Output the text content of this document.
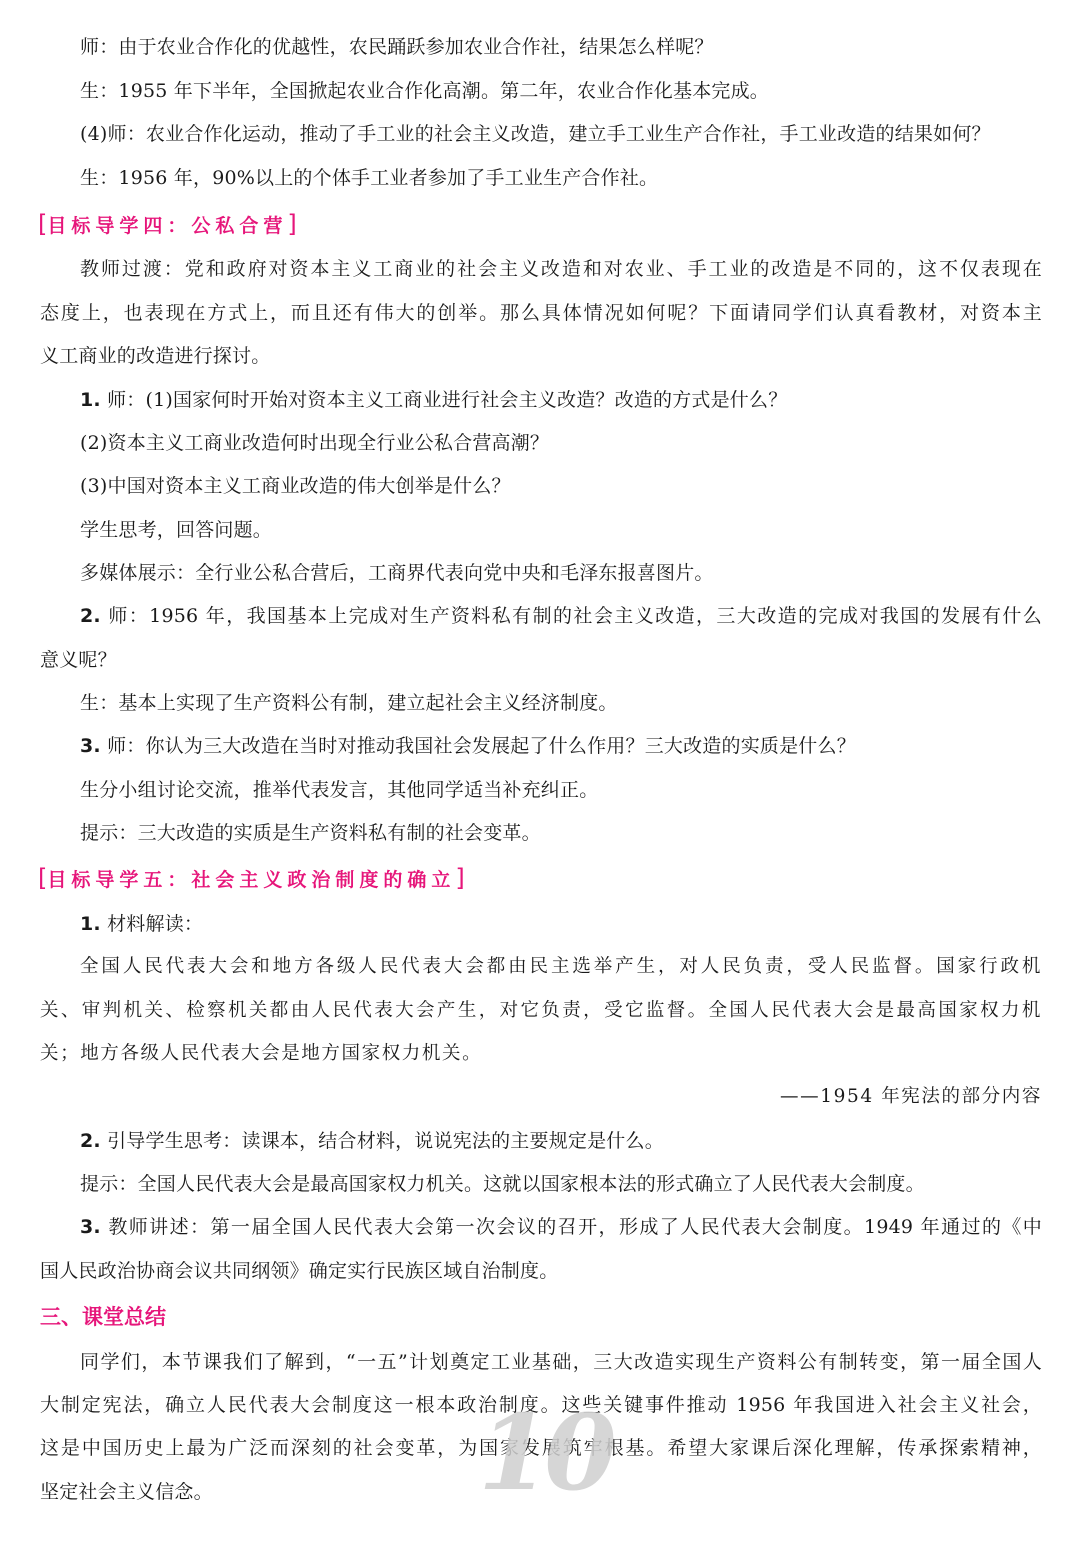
师：由于农业合作化的优越性，农民踊跃参加农业合作社，结果怎么样呢？
生：1955 年下半年，全国掀起农业合作化高潮。第二年，农业合作化基本完成。
(4)师：农业合作化运动，推动了手工业的社会主义改造，建立手工业生产合作社，手工业改造的结果如何？
生：1956 年，90%以上的个体手工业者参加了手工业生产合作社。
[目标导学四：公私合营]
教师过渡：党和政府对资本主义工商业的社会主义改造和对农业、手工业的改造是不同的，这不仅表现在
态度上，也表现在方式上，而且还有伟大的创举。那么具体情况如何呢？下面请同学们认真看教材，对资本主
义工商业的改造进行探讨。
1. 师：(1)国家何时开始对资本主义工商业进行社会主义改造？改造的方式是什么？
(2)资本主义工商业改造何时出现全行业公私合营高潮？
(3)中国对资本主义工商业改造的伟大创举是什么？
学生思考，回答问题。
多媒体展示：全行业公私合营后，工商界代表向党中央和毛泽东报喜图片。
2. 师：1956 年，我国基本上完成对生产资料私有制的社会主义改造，三大改造的完成对我国的发展有什么
意义呢？
生：基本上实现了生产资料公有制，建立起社会主义经济制度。
3. 师：你认为三大改造在当时对推动我国社会发展起了什么作用？三大改造的实质是什么？
生分小组讨论交流，推举代表发言，其他同学适当补充纠正。
提示：三大改造的实质是生产资料私有制的社会变革。
[目标导学五：社会主义政治制度的确立]
1. 材料解读：
全国人民代表大会和地方各级人民代表大会都由民主选举产生，对人民负责，受人民监督。国家行政机
关、审判机关、检察机关都由人民代表大会产生，对它负责，受它监督。全国人民代表大会是最高国家权力机
关；地方各级人民代表大会是地方国家权力机关。
——1954 年宪法的部分内容
2. 引导学生思考：读课本，结合材料，说说宪法的主要规定是什么。
提示：全国人民代表大会是最高国家权力机关。这就以国家根本法的形式确立了人民代表大会制度。
3. 教师讲述：第一届全国人民代表大会第一次会议的召开，形成了人民代表大会制度。1949 年通过的《中
国人民政治协商会议共同纲领》确定实行民族区域自治制度。
三、课堂总结
同学们，本节课我们了解到，“一五”计划奠定工业基础，三大改造实现生产资料公有制转变，第一届全国人
大制定宪法，确立人民代表大会制度这一根本政治制度。这些关键事件推动 1956 年我国进入社会主义社会，
这是中国历史上最为广泛而深刻的社会变革，为国家发展筑牢根基。希望大家课后深化理解，传承探索精神，
坚定社会主义信念。	10
